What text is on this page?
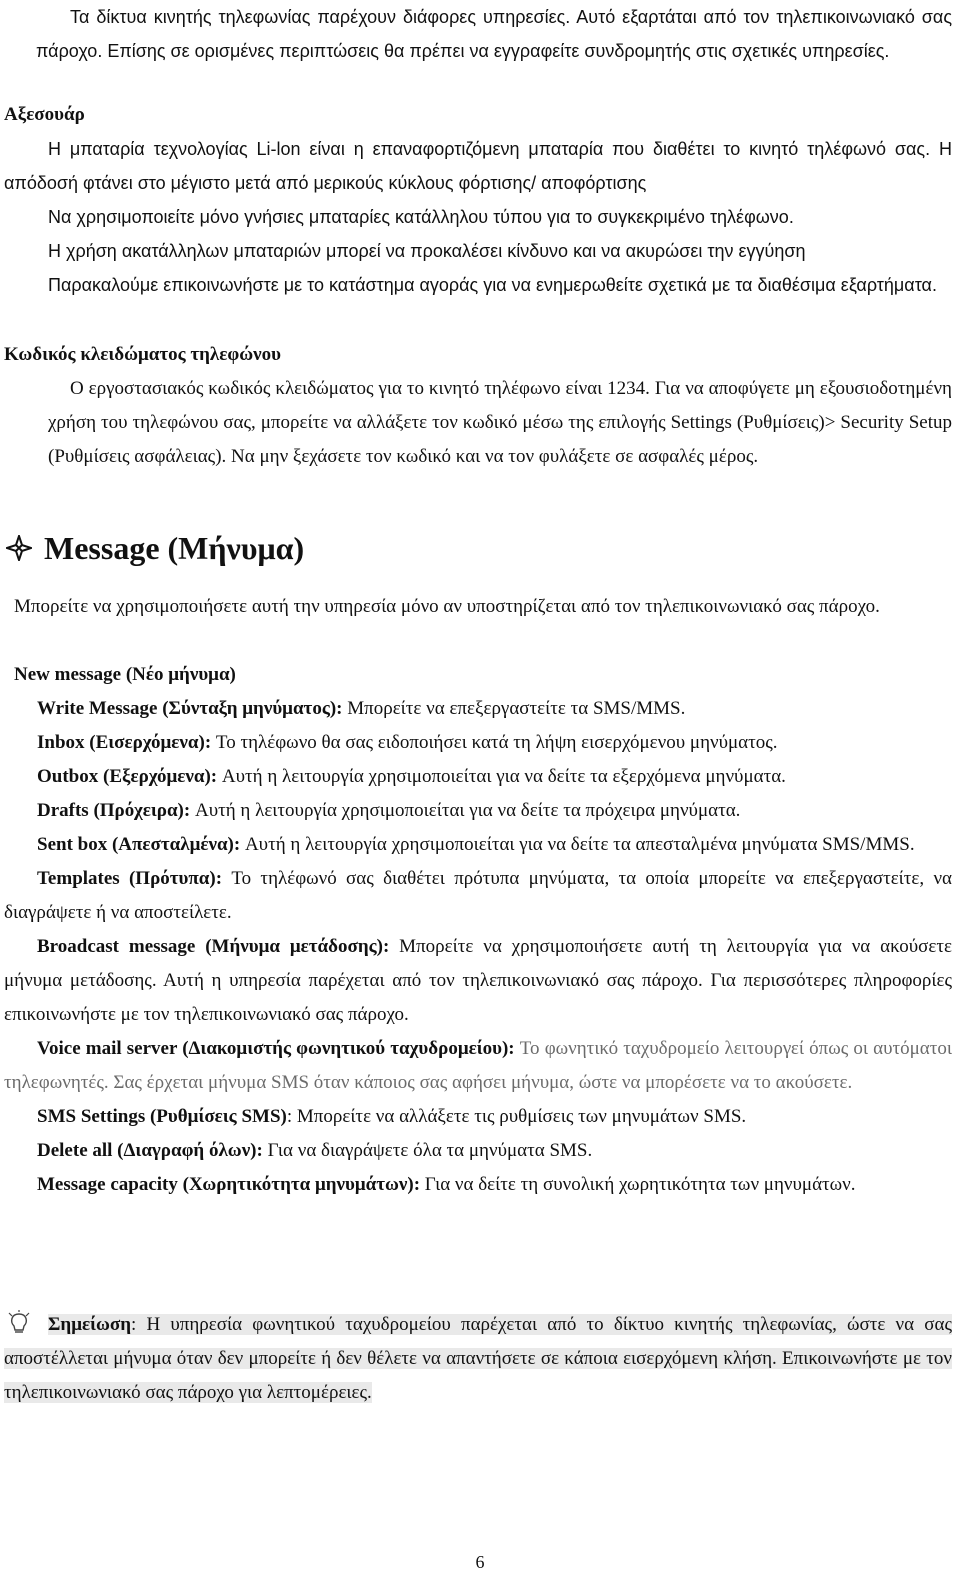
Τα δίκτυα κινητής τηλεφωνίας παρέχουν διάφορες υπηρεσίες. Αυτό εξαρτάται από τον τηλεπικοινωνιακό σας πάροχο. Επίσης σε ορισμένες περιπτώσεις θα πρέπει να εγγραφείτε συνδρομητής στις σχετικές υπηρεσίες.

Αξεσουάρ

Η μπαταρία τεχνολογίας Li-lon είναι η επαναφορτιζόμενη μπαταρία που διαθέτει το κινητό τηλέφωνό σας. Η απόδοσή φτάνει στο μέγιστο μετά από μερικούς κύκλους φόρτισης/ αποφόρτισης

Να χρησιμοποιείτε μόνο γνήσιες μπαταρίες κατάλληλου τύπου για το συγκεκριμένο τηλέφωνο.

Η χρήση ακατάλληλων μπαταριών μπορεί να προκαλέσει κίνδυνο και να ακυρώσει την εγγύηση

Παρακαλούμε επικοινωνήστε με το κατάστημα αγοράς για να ενημερωθείτε σχετικά με τα διαθέσιμα εξαρτήματα.

Κωδικός κλειδώματος τηλεφώνου

Ο εργοστασιακός κωδικός κλειδώματος για το κινητό τηλέφωνο είναι 1234. Για να αποφύγετε μη εξουσιοδοτημένη χρήση του τηλεφώνου σας, μπορείτε να αλλάξετε τον κωδικό μέσω της επιλογής Settings (Ρυθμίσεις)> Security Setup (Ρυθμίσεις ασφάλειας). Να μην ξεχάσετε τον κωδικό και να τον φυλάξετε σε ασφαλές μέρος.

Message (Μήνυμα)

Μπορείτε να χρησιμοποιήσετε αυτή την υπηρεσία μόνο αν υποστηρίζεται από τον τηλεπικοινωνιακό σας πάροχο.

New message (Νέο μήνυμα)

Write Message (Σύνταξη μηνύματος): Μπορείτε να επεξεργαστείτε τα SMS/MMS.

Inbox (Εισερχόμενα): Το τηλέφωνο θα σας ειδοποιήσει κατά τη λήψη εισερχόμενου μηνύματος.

Outbox (Εξερχόμενα): Αυτή η λειτουργία χρησιμοποιείται για να δείτε τα εξερχόμενα μηνύματα.

Drafts (Πρόχειρα): Αυτή η λειτουργία χρησιμοποιείται για να δείτε τα πρόχειρα μηνύματα.

Sent box (Απεσταλμένα): Αυτή η λειτουργία χρησιμοποιείται για να δείτε τα απεσταλμένα μηνύματα SMS/MMS.

Templates (Πρότυπα): Το τηλέφωνό σας διαθέτει πρότυπα μηνύματα, τα οποία μπορείτε να επεξεργαστείτε, να διαγράψετε ή να αποστείλετε.

Broadcast message (Μήνυμα μετάδοσης): Μπορείτε να χρησιμοποιήσετε αυτή τη λειτουργία για να ακούσετε μήνυμα μετάδοσης. Αυτή η υπηρεσία παρέχεται από τον τηλεπικοινωνιακό σας πάροχο. Για περισσότερες πληροφορίες επικοινωνήστε με τον τηλεπικοινωνιακό σας πάροχο.

Voice mail server (Διακομιστής φωνητικού ταχυδρομείου): Το φωνητικό ταχυδρομείο λειτουργεί όπως οι αυτόματοι τηλεφωνητές. Σας έρχεται μήνυμα SMS όταν κάποιος σας αφήσει μήνυμα, ώστε να μπορέσετε να το ακούσετε.

SMS Settings (Ρυθμίσεις SMS): Μπορείτε να αλλάξετε τις ρυθμίσεις των μηνυμάτων SMS.

Delete all (Διαγραφή όλων): Για να διαγράψετε όλα τα μηνύματα SMS.

Message capacity (Χωρητικότητα μηνυμάτων): Για να δείτε τη συνολική χωρητικότητα των μηνυμάτων.

Σημείωση: Η υπηρεσία φωνητικού ταχυδρομείου παρέχεται από το δίκτυο κινητής τηλεφωνίας, ώστε να σας αποστέλλεται μήνυμα όταν δεν μπορείτε ή δεν θέλετε να απαντήσετε σε κάποια εισερχόμενη κλήση. Επικοινωνήστε με τον τηλεπικοινωνιακό σας πάροχο για λεπτομέρειες.

6
